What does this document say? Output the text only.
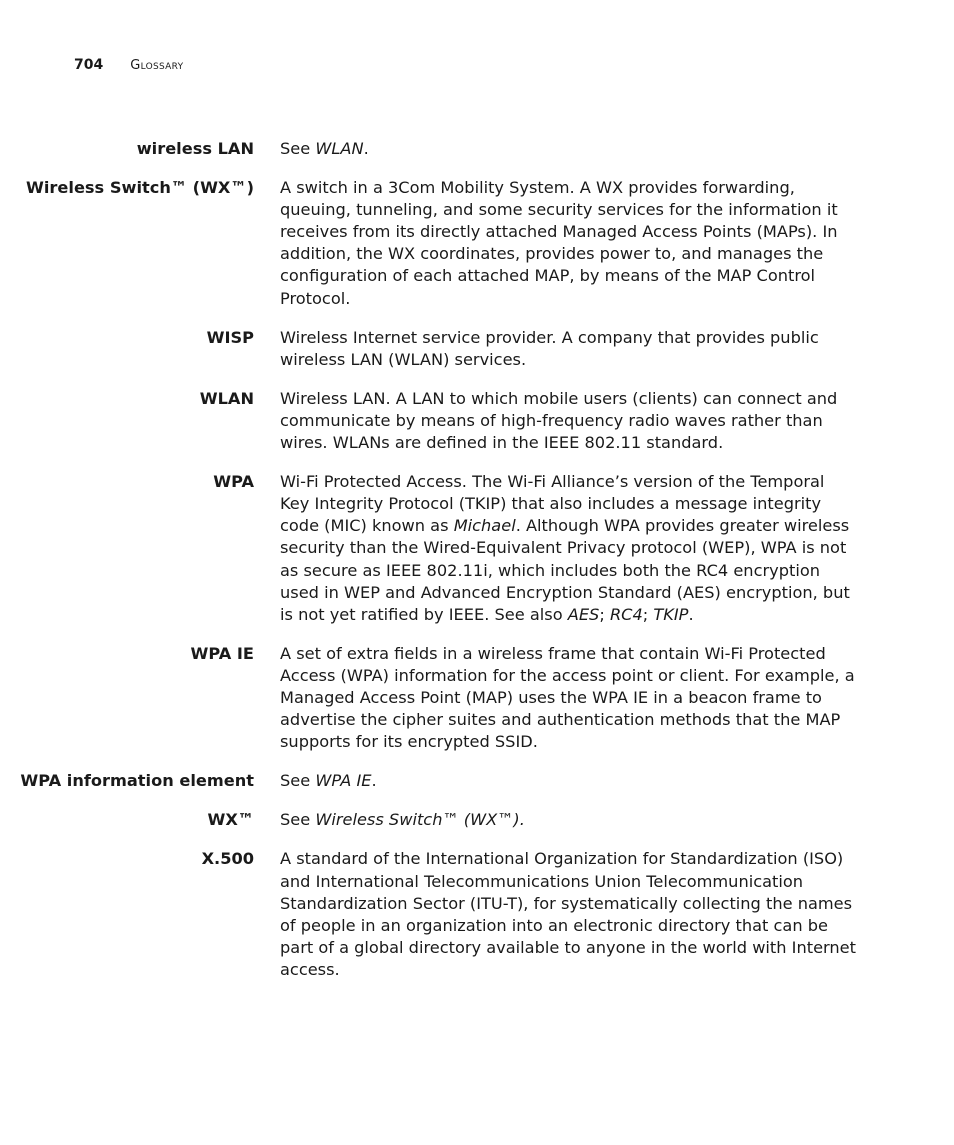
704 Glossary
wireless LAN See WLAN.
Wireless Switch™ (WX™) A switch in a 3Com Mobility System. A WX provides forwarding, queuing, tunneling, and some security services for the information it receives from its directly attached Managed Access Points (MAPs). In addition, the WX coordinates, provides power to, and manages the configuration of each attached MAP, by means of the MAP Control Protocol.
WISP Wireless Internet service provider. A company that provides public wireless LAN (WLAN) services.
WLAN Wireless LAN. A LAN to which mobile users (clients) can connect and communicate by means of high-frequency radio waves rather than wires. WLANs are defined in the IEEE 802.11 standard.
WPA Wi-Fi Protected Access. The Wi-Fi Alliance’s version of the Temporal Key Integrity Protocol (TKIP) that also includes a message integrity code (MIC) known as Michael. Although WPA provides greater wireless security than the Wired-Equivalent Privacy protocol (WEP), WPA is not as secure as IEEE 802.11i, which includes both the RC4 encryption used in WEP and Advanced Encryption Standard (AES) encryption, but is not yet ratified by IEEE. See also AES; RC4; TKIP.
WPA IE A set of extra fields in a wireless frame that contain Wi-Fi Protected Access (WPA) information for the access point or client. For example, a Managed Access Point (MAP) uses the WPA IE in a beacon frame to advertise the cipher suites and authentication methods that the MAP supports for its encrypted SSID.
WPA information element See WPA IE.
WX™ See Wireless Switch™ (WX™).
X.500 A standard of the International Organization for Standardization (ISO) and International Telecommunications Union Telecommunication Standardization Sector (ITU-T), for systematically collecting the names of people in an organization into an electronic directory that can be part of a global directory available to anyone in the world with Internet access.
